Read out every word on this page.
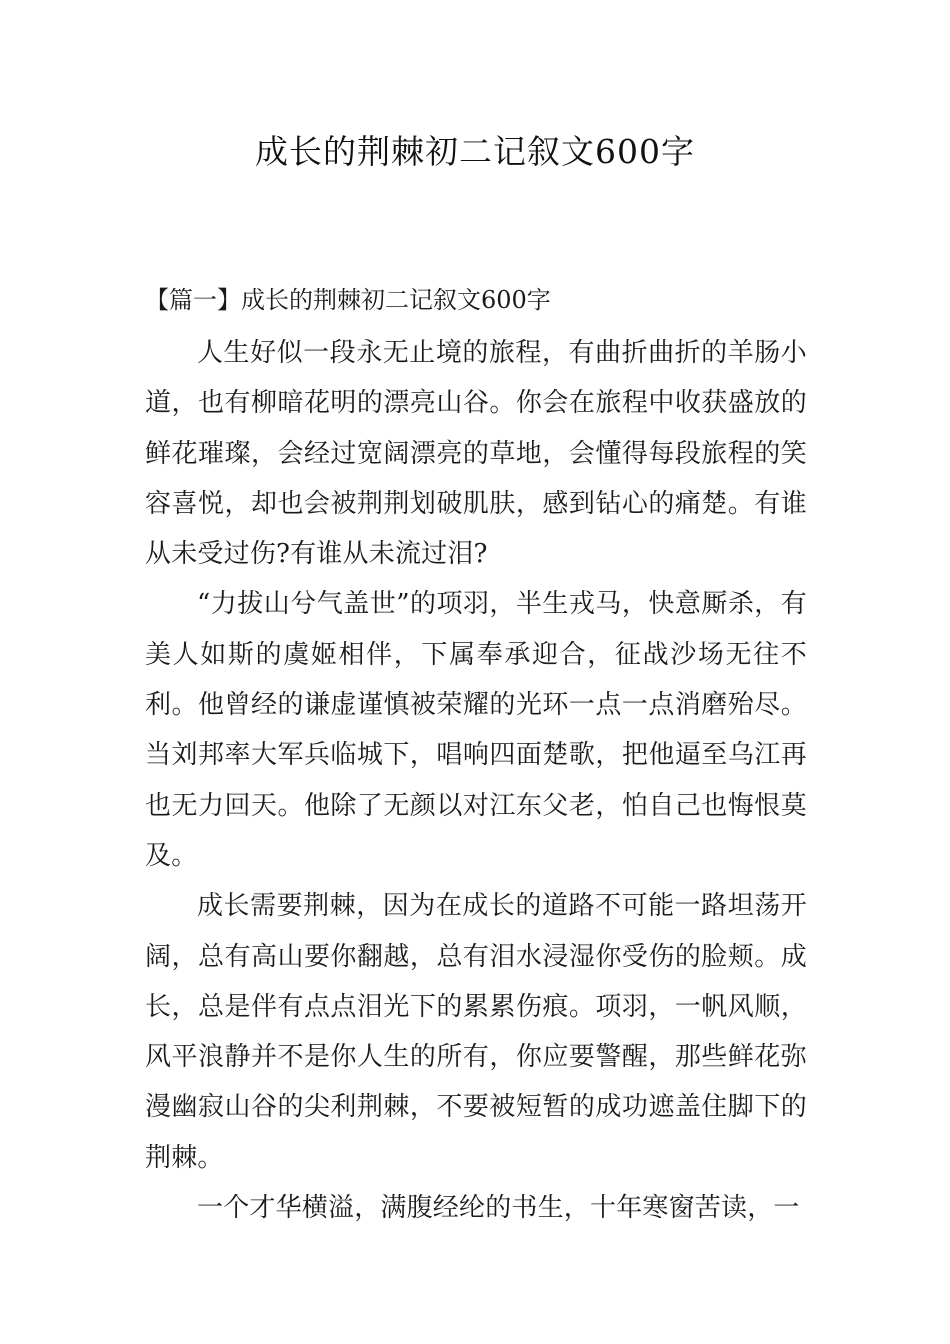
成长的荆棘初二记叙文600字
【篇一】成长的荆棘初二记叙文600字

人生好似一段永无止境的旅程，有曲折曲折的羊肠小道，也有柳暗花明的漂亮山谷。你会在旅程中收获盛放的鲜花璀璨，会经过宽阔漂亮的草地，会懂得每段旅程的笑容喜悦，却也会被荆荆划破肌肤，感到钻心的痛楚。有谁从未受过伤?有谁从未流过泪?

“力拔山兮气盖世”的项羽，半生戎马，快意厮杀，有美人如斯的虞姬相伴，下属奉承迎合，征战沙场无往不利。他曾经的谦虚谨慎被荣耀的光环一点一点消磨殆尽。当刘邦率大军兵临城下，唱响四面楚歌，把他逼至乌江再也无力回天。他除了无颜以对江东父老，怕自己也悔恨莫及。

成长需要荆棘，因为在成长的道路不可能一路坦荡开阔，总有高山要你翻越，总有泪水浸湿你受伤的脸颊。成长，总是伴有点点泪光下的累累伤痕。项羽，一帆风顺，风平浪静并不是你人生的所有，你应要警醒，那些鲜花弥漫幽寂山谷的尖利荆棘，不要被短暂的成功遮盖住脚下的荆棘。

一个才华横溢，满腹经纶的书生，十年寒窗苦读，一
